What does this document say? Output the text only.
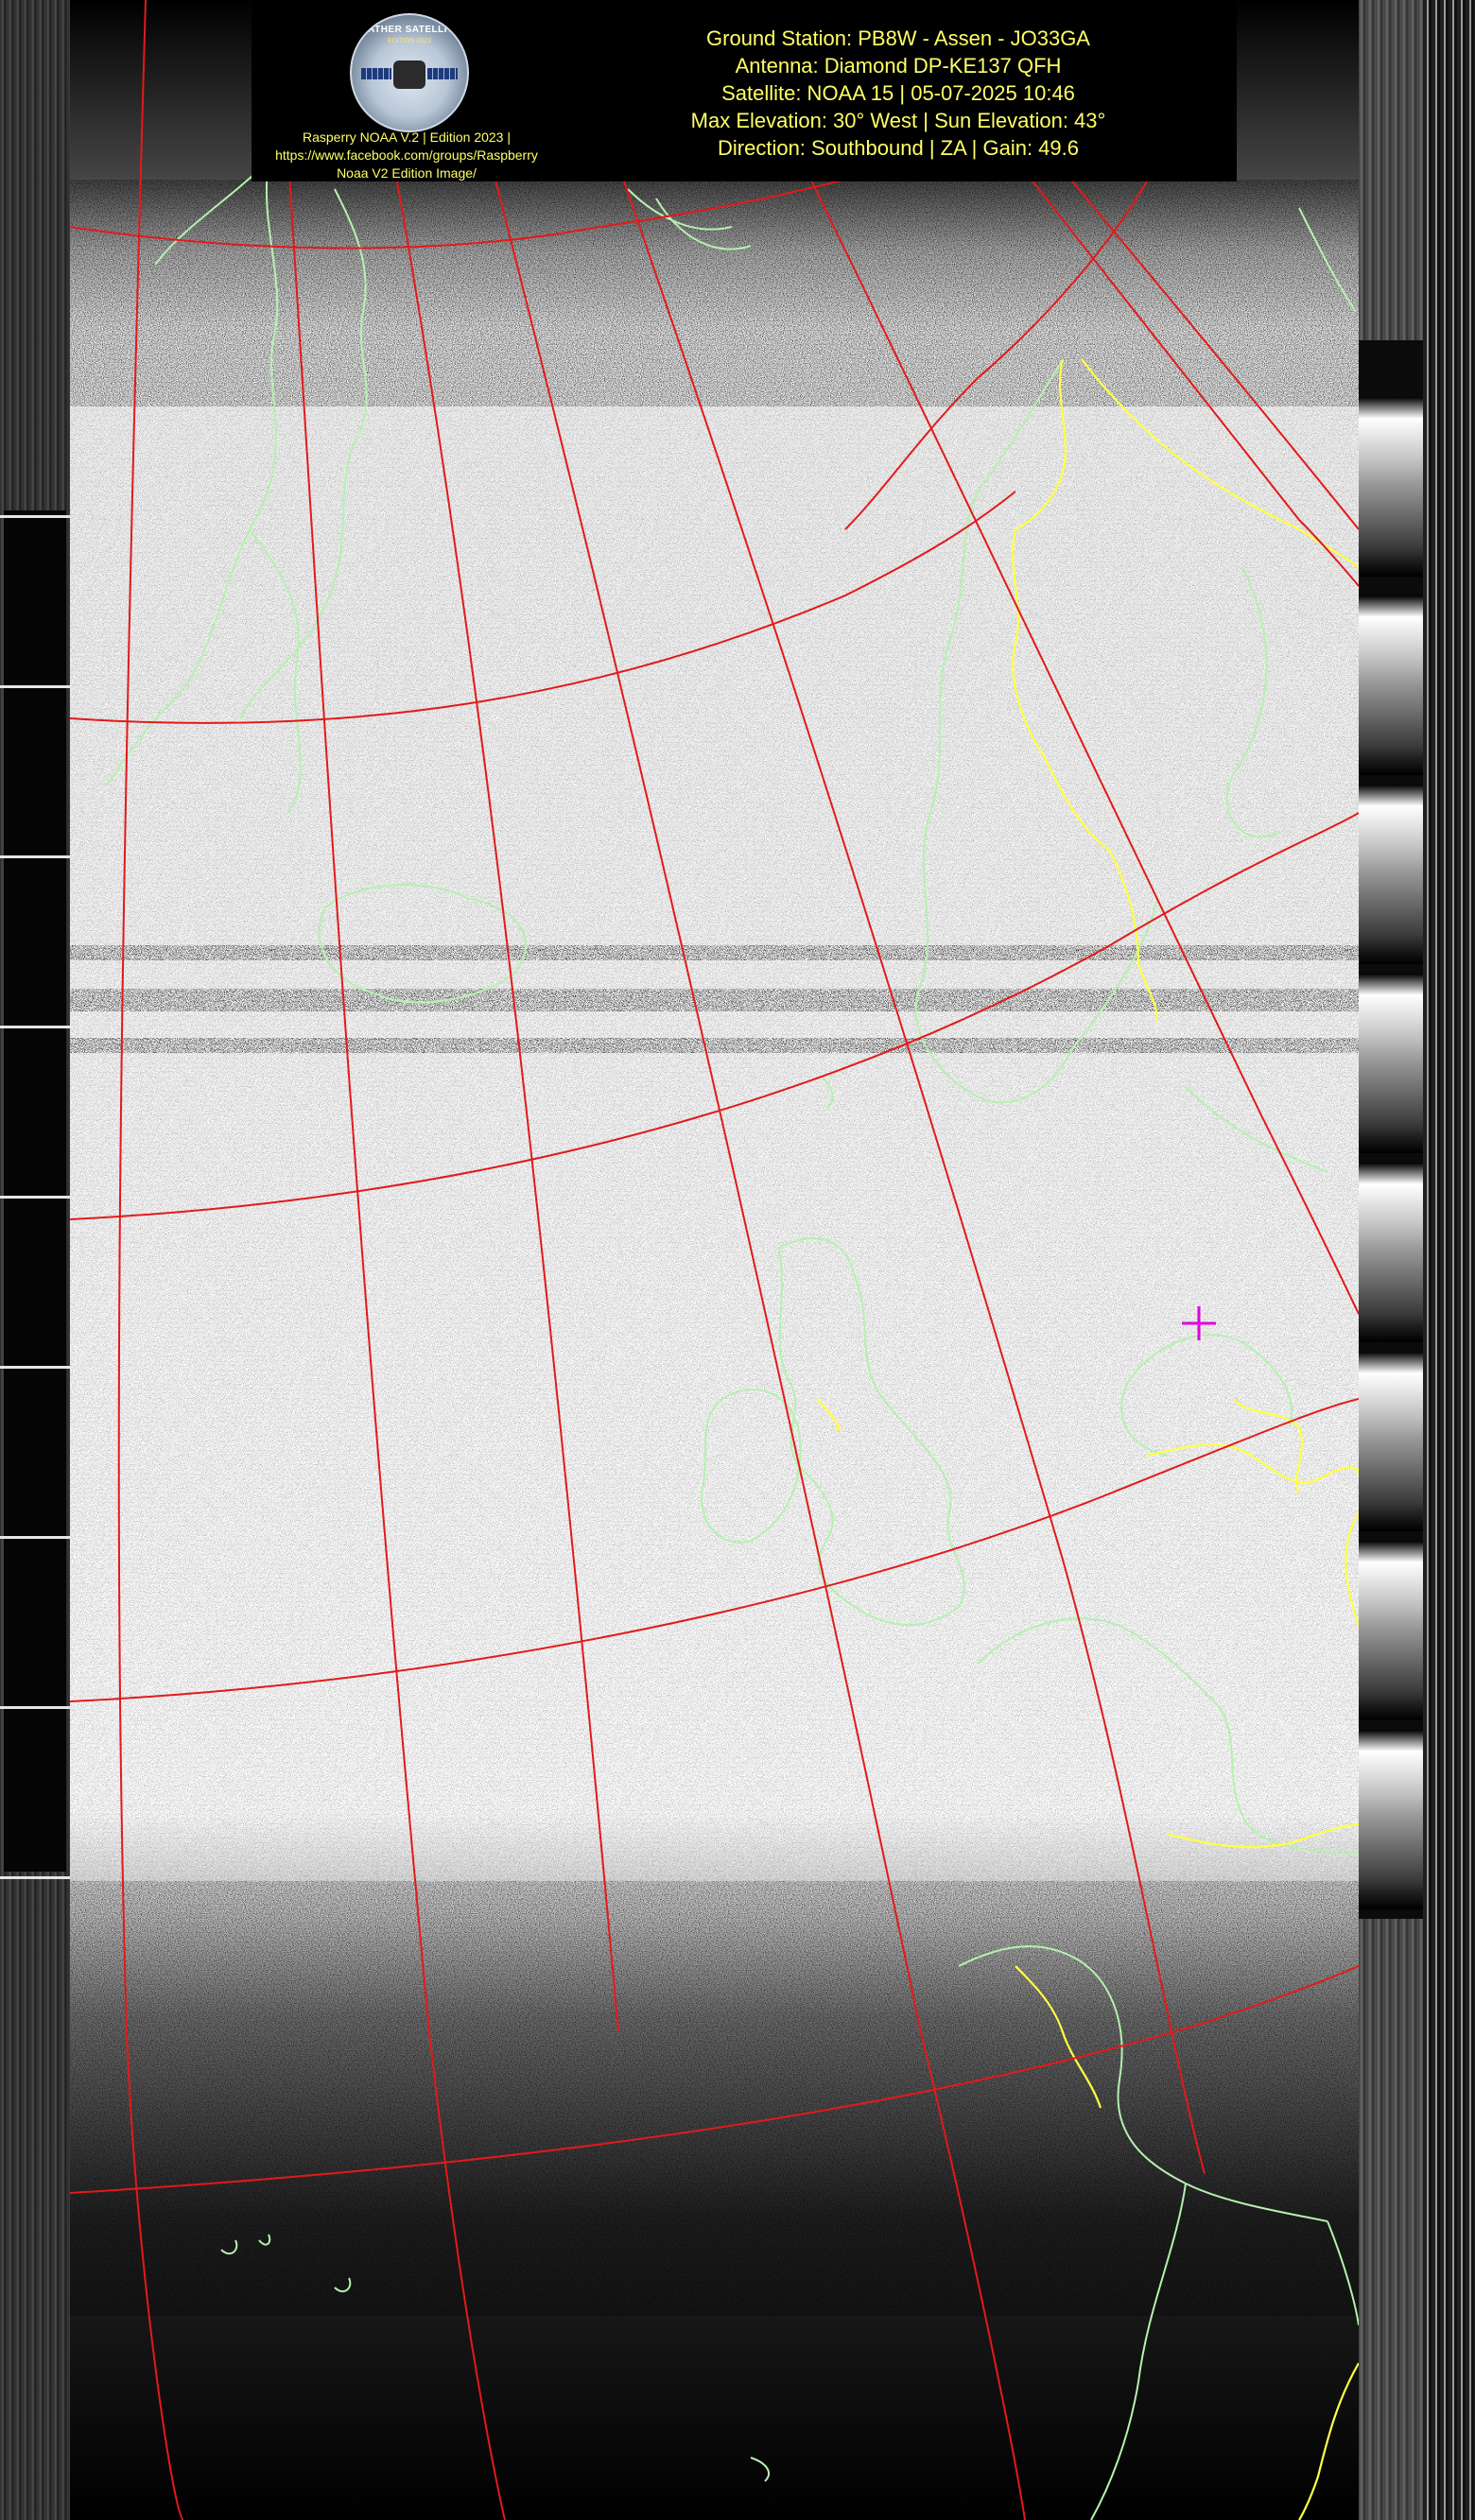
WEATHER SATELLITES
EDITION 2023
Rasperry NOAA V.2 | Edition 2023 |
https://www.facebook.com/groups/Raspberry
Noaa V2 Edition Image/
Ground Station: PB8W - Assen - JO33GA
Antenna: Diamond DP-KE137 QFH
Satellite: NOAA 15 | 05-07-2025 10:46
Max Elevation: 30° West | Sun Elevation: 43°
Direction: Southbound | ZA | Gain: 49.6
